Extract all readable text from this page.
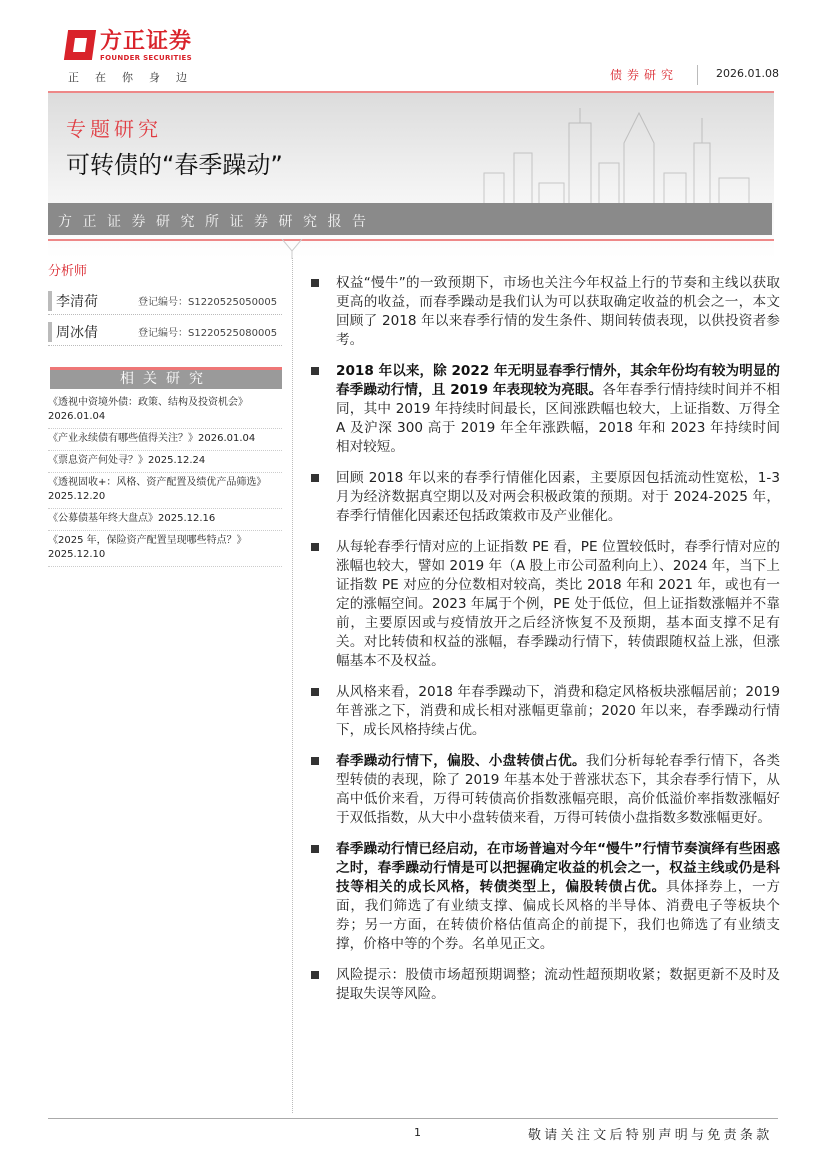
方正证券
FOUNDER SECURITIES
正在你身边	债券研究	2026.01.08
专题研究
可转债的“春季躁动”
方正证券研究所证券研究报告
分析师
李清荷	登记编号：S1220525050005
周冰倩	登记编号：S1220525080005
相关研究
《透视中资境外债：政策、结构及投资机会》2026.01.04
《产业永续债有哪些值得关注？》2026.01.04
《票息资产何处寻？》2025.12.24
《透视固收+：风格、资产配置及绩优产品筛选》2025.12.20
《公募债基年终大盘点》2025.12.16
《2025 年，保险资产配置呈现哪些特点？》2025.12.10
权益“慢牛”的一致预期下，市场也关注今年权益上行的节奏和主线以获取更高的收益，而春季躁动是我们认为可以获取确定收益的机会之一，本文回顾了 2018 年以来春季行情的发生条件、期间转债表现，以供投资者参考。
2018 年以来，除 2022 年无明显春季行情外，其余年份均有较为明显的春季躁动行情，且 2019 年表现较为亮眼。各年春季行情持续时间并不相同，其中 2019 年持续时间最长，区间涨跌幅也较大，上证指数、万得全 A 及沪深 300 高于 2019 年全年涨跌幅，2018 年和 2023 年持续时间相对较短。
回顾 2018 年以来的春季行情催化因素，主要原因包括流动性宽松，1-3 月为经济数据真空期以及对两会积极政策的预期。对于 2024-2025 年，春季行情催化因素还包括政策救市及产业催化。
从每轮春季行情对应的上证指数 PE 看，PE 位置较低时，春季行情对应的涨幅也较大，譬如 2019 年（A 股上市公司盈利向上）、2024 年，当下上证指数 PE 对应的分位数相对较高，类比 2018 年和 2021 年，或也有一定的涨幅空间。2023 年属于个例，PE 处于低位，但上证指数涨幅并不靠前，主要原因或与疫情放开之后经济恢复不及预期，基本面支撑不足有关。对比转债和权益的涨幅，春季躁动行情下，转债跟随权益上涨，但涨幅基本不及权益。
从风格来看，2018 年春季躁动下，消费和稳定风格板块涨幅居前；2019 年普涨之下，消费和成长相对涨幅更靠前；2020 年以来，春季躁动行情下，成长风格持续占优。
春季躁动行情下，偏股、小盘转债占优。我们分析每轮春季行情下，各类型转债的表现，除了 2019 年基本处于普涨状态下，其余春季行情下，从高中低价来看，万得可转债高价指数涨幅亮眼，高价低溢价率指数涨幅好于双低指数，从大中小盘转债来看，万得可转债小盘指数多数涨幅更好。
春季躁动行情已经启动，在市场普遍对今年“慢牛”行情节奏演绎有些困惑之时，春季躁动行情是可以把握确定收益的机会之一，权益主线或仍是科技等相关的成长风格，转债类型上，偏股转债占优。具体择券上，一方面，我们筛选了有业绩支撑、偏成长风格的半导体、消费电子等板块个券；另一方面，在转债价格估值高企的前提下，我们也筛选了有业绩支撑，价格中等的个券。名单见正文。
风险提示：股债市场超预期调整；流动性超预期收紧；数据更新不及时及提取失误等风险。
1	敬请关注文后特别声明与免责条款
